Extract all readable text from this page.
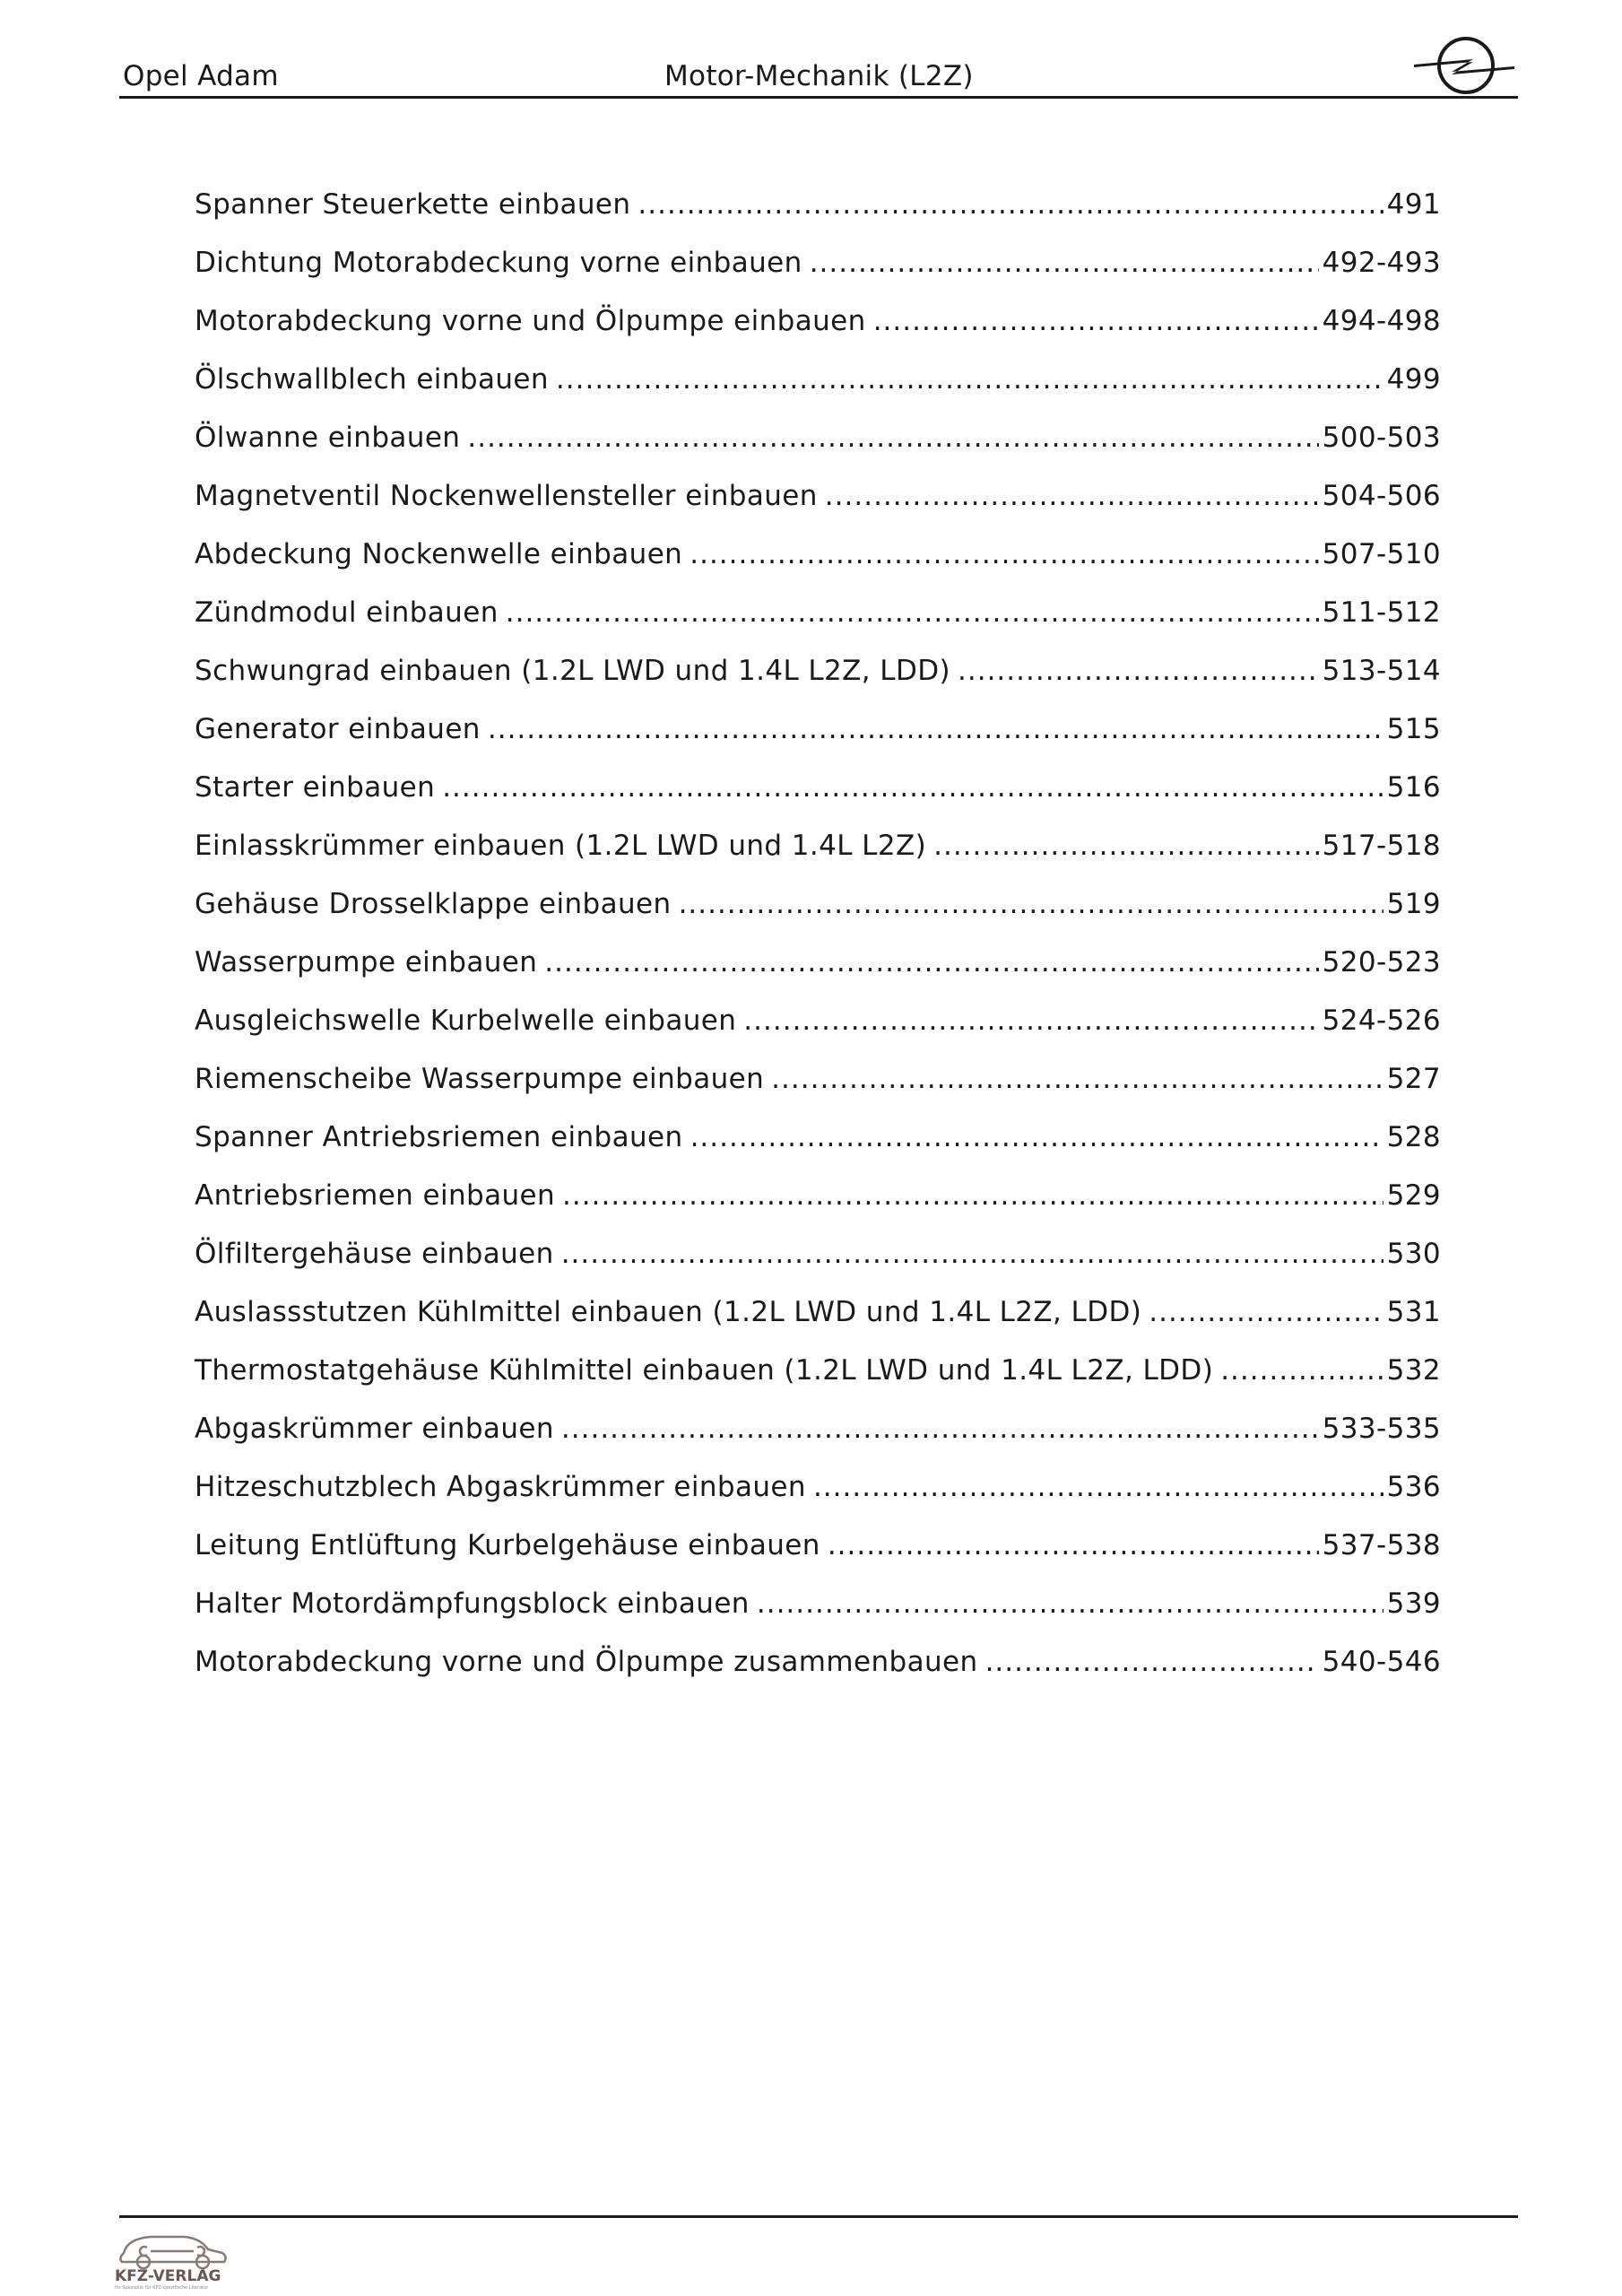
Opel Adam	Motor-Mechanik (L2Z)
Spanner Steuerkette einbauen .....	491
Dichtung Motorabdeckung vorne einbauen .....	492-493
Motorabdeckung vorne und Ölpumpe einbauen .....	494-498
Ölschwallblech einbauen .....	499
Ölwanne einbauen .....	500-503
Magnetventil Nockenwellensteller einbauen .....	504-506
Abdeckung Nockenwelle einbauen .....	507-510
Zündmodul einbauen .....	511-512
Schwungrad einbauen (1.2L LWD und 1.4L L2Z, LDD) .....	513-514
Generator einbauen .....	515
Starter einbauen .....	516
Einlasskrümmer einbauen (1.2L LWD und 1.4L L2Z) .....	517-518
Gehäuse Drosselklappe einbauen .....	519
Wasserpumpe einbauen .....	520-523
Ausgleichswelle Kurbelwelle einbauen .....	524-526
Riemenscheibe Wasserpumpe einbauen .....	527
Spanner Antriebsriemen einbauen .....	528
Antriebsriemen einbauen .....	529
Ölfiltergehäuse einbauen .....	530
Auslassstutzen Kühlmittel einbauen (1.2L LWD und 1.4L L2Z, LDD) .....	531
Thermostatgehäuse Kühlmittel einbauen (1.2L LWD und 1.4L L2Z, LDD) .....	532
Abgaskrümmer einbauen .....	533-535
Hitzeschutzblech Abgaskrümmer einbauen .....	536
Leitung Entlüftung Kurbelgehäuse einbauen .....	537-538
Halter Motordämpfungsblock einbauen .....	539
Motorabdeckung vorne und Ölpumpe zusammenbauen .....	540-546
KFZ-VERLAG
Ihr Spezialist für KFZ-spezifische Literatur
